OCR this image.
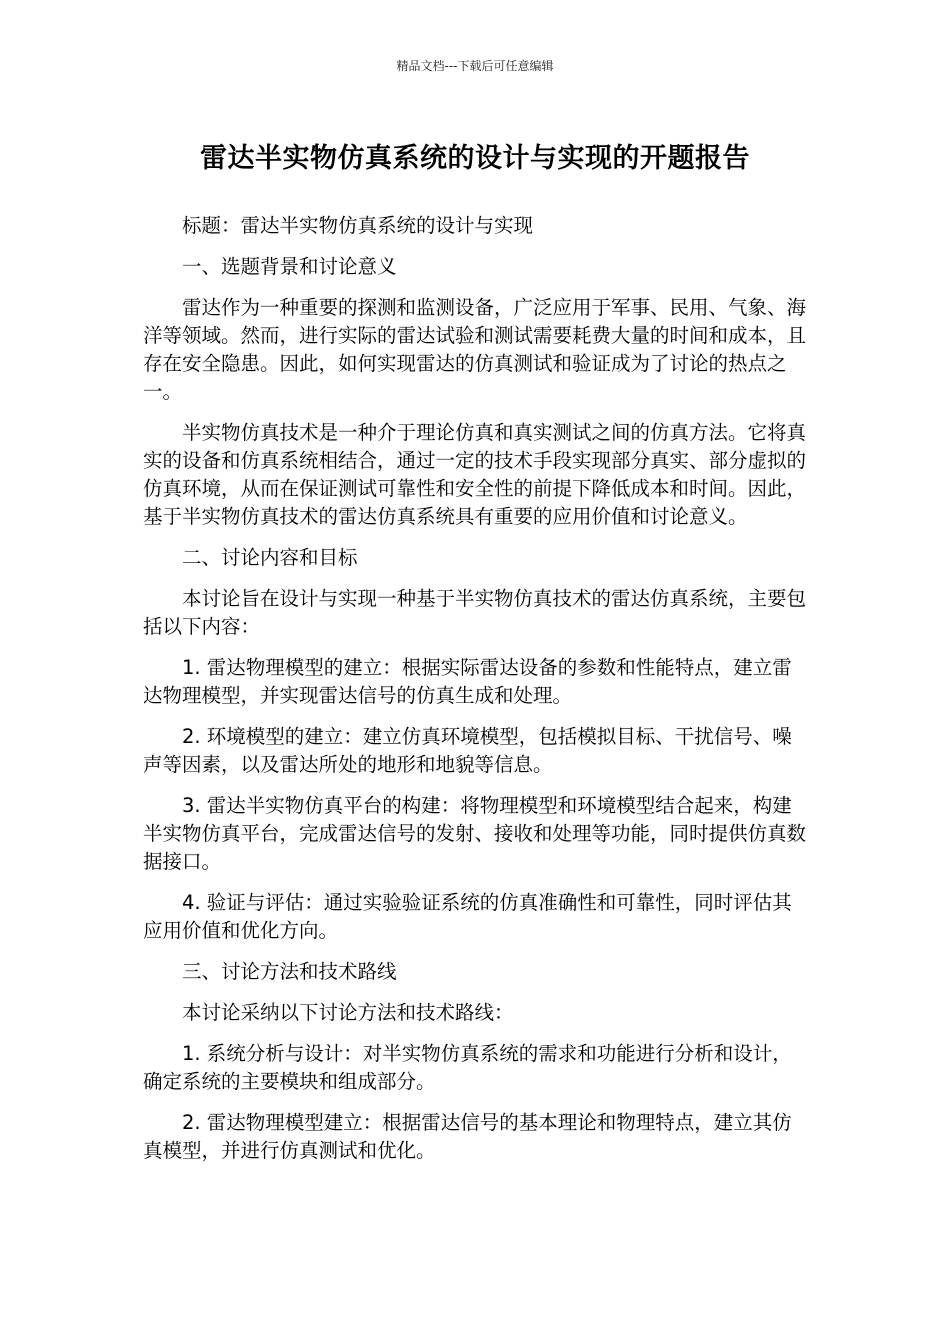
精品文档---下载后可任意编辑
雷达半实物仿真系统的设计与实现的开题报告

标题：雷达半实物仿真系统的设计与实现

一、选题背景和讨论意义

雷达作为一种重要的探测和监测设备，广泛应用于军事、民用、气象、海洋等领域。然而，进行实际的雷达试验和测试需要耗费大量的时间和成本，且存在安全隐患。因此，如何实现雷达的仿真测试和验证成为了讨论的热点之一。

半实物仿真技术是一种介于理论仿真和真实测试之间的仿真方法。它将真实的设备和仿真系统相结合，通过一定的技术手段实现部分真实、部分虚拟的仿真环境，从而在保证测试可靠性和安全性的前提下降低成本和时间。因此，基于半实物仿真技术的雷达仿真系统具有重要的应用价值和讨论意义。

二、讨论内容和目标

本讨论旨在设计与实现一种基于半实物仿真技术的雷达仿真系统，主要包括以下内容：

1. 雷达物理模型的建立：根据实际雷达设备的参数和性能特点，建立雷达物理模型，并实现雷达信号的仿真生成和处理。

2. 环境模型的建立：建立仿真环境模型，包括模拟目标、干扰信号、噪声等因素，以及雷达所处的地形和地貌等信息。

3. 雷达半实物仿真平台的构建：将物理模型和环境模型结合起来，构建半实物仿真平台，完成雷达信号的发射、接收和处理等功能，同时提供仿真数据接口。

4. 验证与评估：通过实验验证系统的仿真准确性和可靠性，同时评估其应用价值和优化方向。

三、讨论方法和技术路线

本讨论采纳以下讨论方法和技术路线：

1. 系统分析与设计：对半实物仿真系统的需求和功能进行分析和设计，确定系统的主要模块和组成部分。

2. 雷达物理模型建立：根据雷达信号的基本理论和物理特点，建立其仿真模型，并进行仿真测试和优化。
